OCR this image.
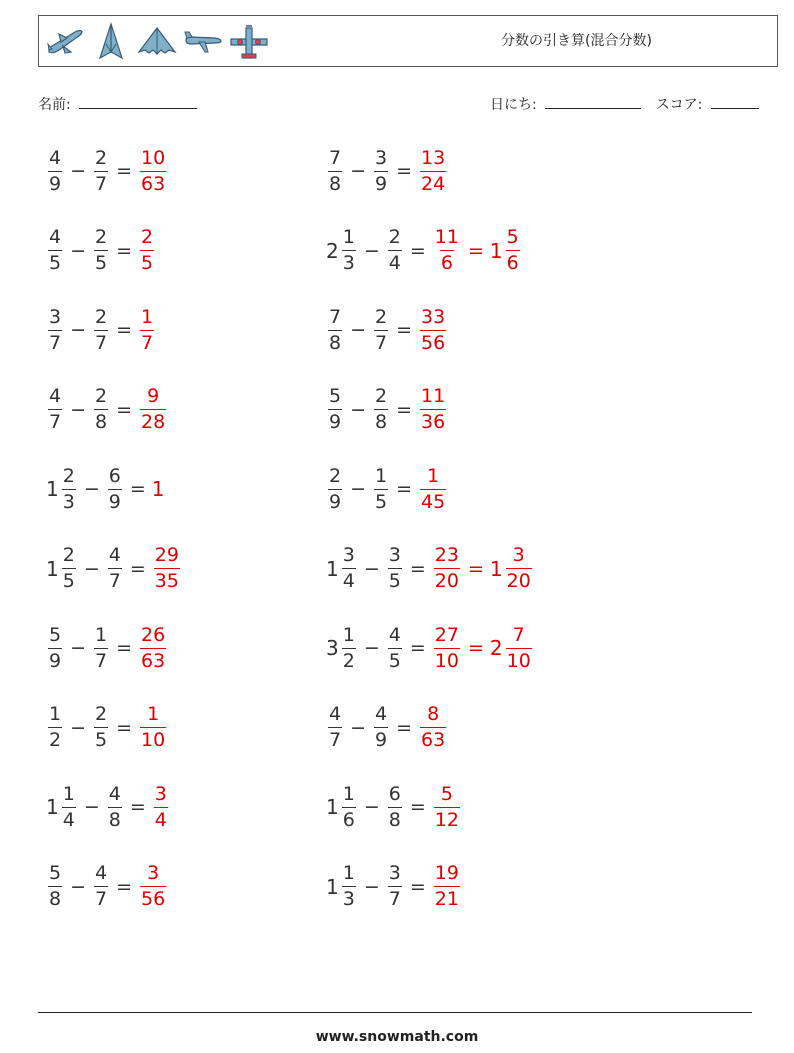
分数の引き算(混合分数)
名前:	日にち:	スコア:
$\frac{4}{9} - \frac{2}{7} = \frac{10}{63}$	$\frac{7}{8} - \frac{3}{9} = \frac{13}{24}$
$\frac{4}{5} - \frac{2}{5} = \frac{2}{5}$	$2 \frac{1}{3} - \frac{2}{4} = \frac{11}{6} = 1 \frac{5}{6}$
$\frac{3}{7} - \frac{2}{7} = \frac{1}{7}$	$\frac{7}{8} - \frac{2}{7} = \frac{33}{56}$
$\frac{4}{7} - \frac{2}{8} = \frac{9}{28}$	$\frac{5}{9} - \frac{2}{8} = \frac{11}{36}$
$1 \frac{2}{3} - \frac{6}{9} = 1$	$\frac{2}{9} - \frac{1}{5} = \frac{1}{45}$
$1 \frac{2}{5} - \frac{4}{7} = \frac{29}{35}$	$1 \frac{3}{4} - \frac{3}{5} = \frac{23}{20} = 1 \frac{3}{20}$
$\frac{5}{9} - \frac{1}{7} = \frac{26}{63}$	$3 \frac{1}{2} - \frac{4}{5} = \frac{27}{10} = 2 \frac{7}{10}$
$\frac{1}{2} - \frac{2}{5} = \frac{1}{10}$	$\frac{4}{7} - \frac{4}{9} = \frac{8}{63}$
$1 \frac{1}{4} - \frac{4}{8} = \frac{3}{4}$	$1 \frac{1}{6} - \frac{6}{8} = \frac{5}{12}$
$\frac{5}{8} - \frac{4}{7} = \frac{3}{56}$	$1 \frac{1}{3} - \frac{3}{7} = \frac{19}{21}$
www.snowmath.com
